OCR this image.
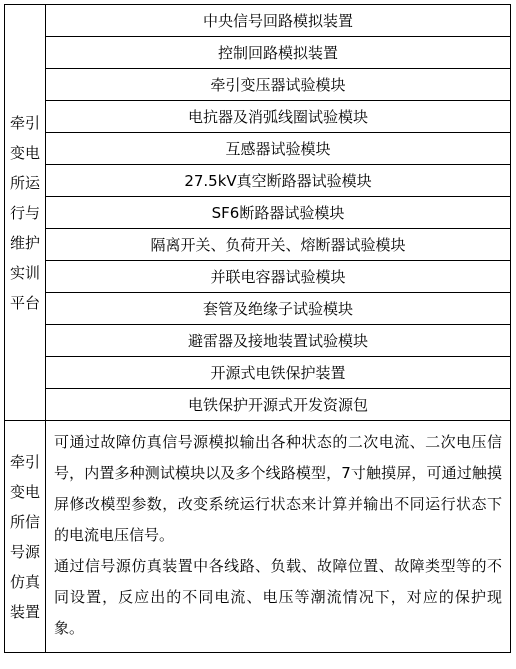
牵引变电所运行与维护实训平台	中央信号回路模拟装置
	控制回路模拟装置
	牵引变压器试验模块
	电抗器及消弧线圈试验模块
	互感器试验模块
	27.5kV真空断路器试验模块
	SF6断路器试验模块
	隔离开关、负荷开关、熔断器试验模块
	并联电容器试验模块
	套管及绝缘子试验模块
	避雷器及接地装置试验模块
	开源式电铁保护装置
	电铁保护开源式开发资源包
牵引变电所信号源仿真装置	可通过故障仿真信号源模拟输出各种状态的二次电流、二次电压信号，内置多种测试模块以及多个线路模型，7寸触摸屏，可通过触摸屏修改模型参数，改变系统运行状态来计算并输出不同运行状态下的电流电压信号。
通过信号源仿真装置中各线路、负载、故障位置、故障类型等的不同设置，反应出的不同电流、电压等潮流情况下，对应的保护现象。
